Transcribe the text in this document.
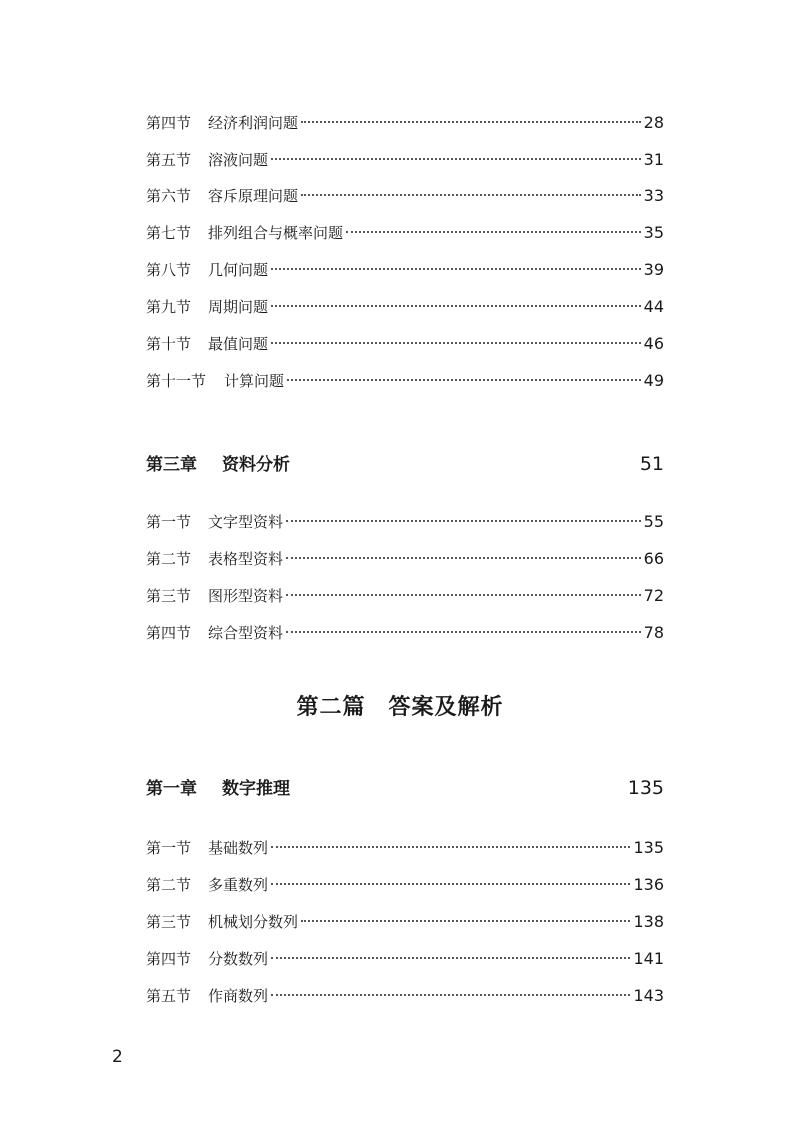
第四节	经济利润问题	28
第五节	溶液问题	31
第六节	容斥原理问题	33
第七节	排列组合与概率问题	35
第八节	几何问题	39
第九节	周期问题	44
第十节	最值问题	46
第十一节	计算问题	49
第三章	资料分析	51
第一节	文字型资料	55
第二节	表格型资料	66
第三节	图形型资料	72
第四节	综合型资料	78
第二篇　答案及解析
第一章	数字推理	135
第一节	基础数列	135
第二节	多重数列	136
第三节	机械划分数列	138
第四节	分数数列	141
第五节	作商数列	143
2
